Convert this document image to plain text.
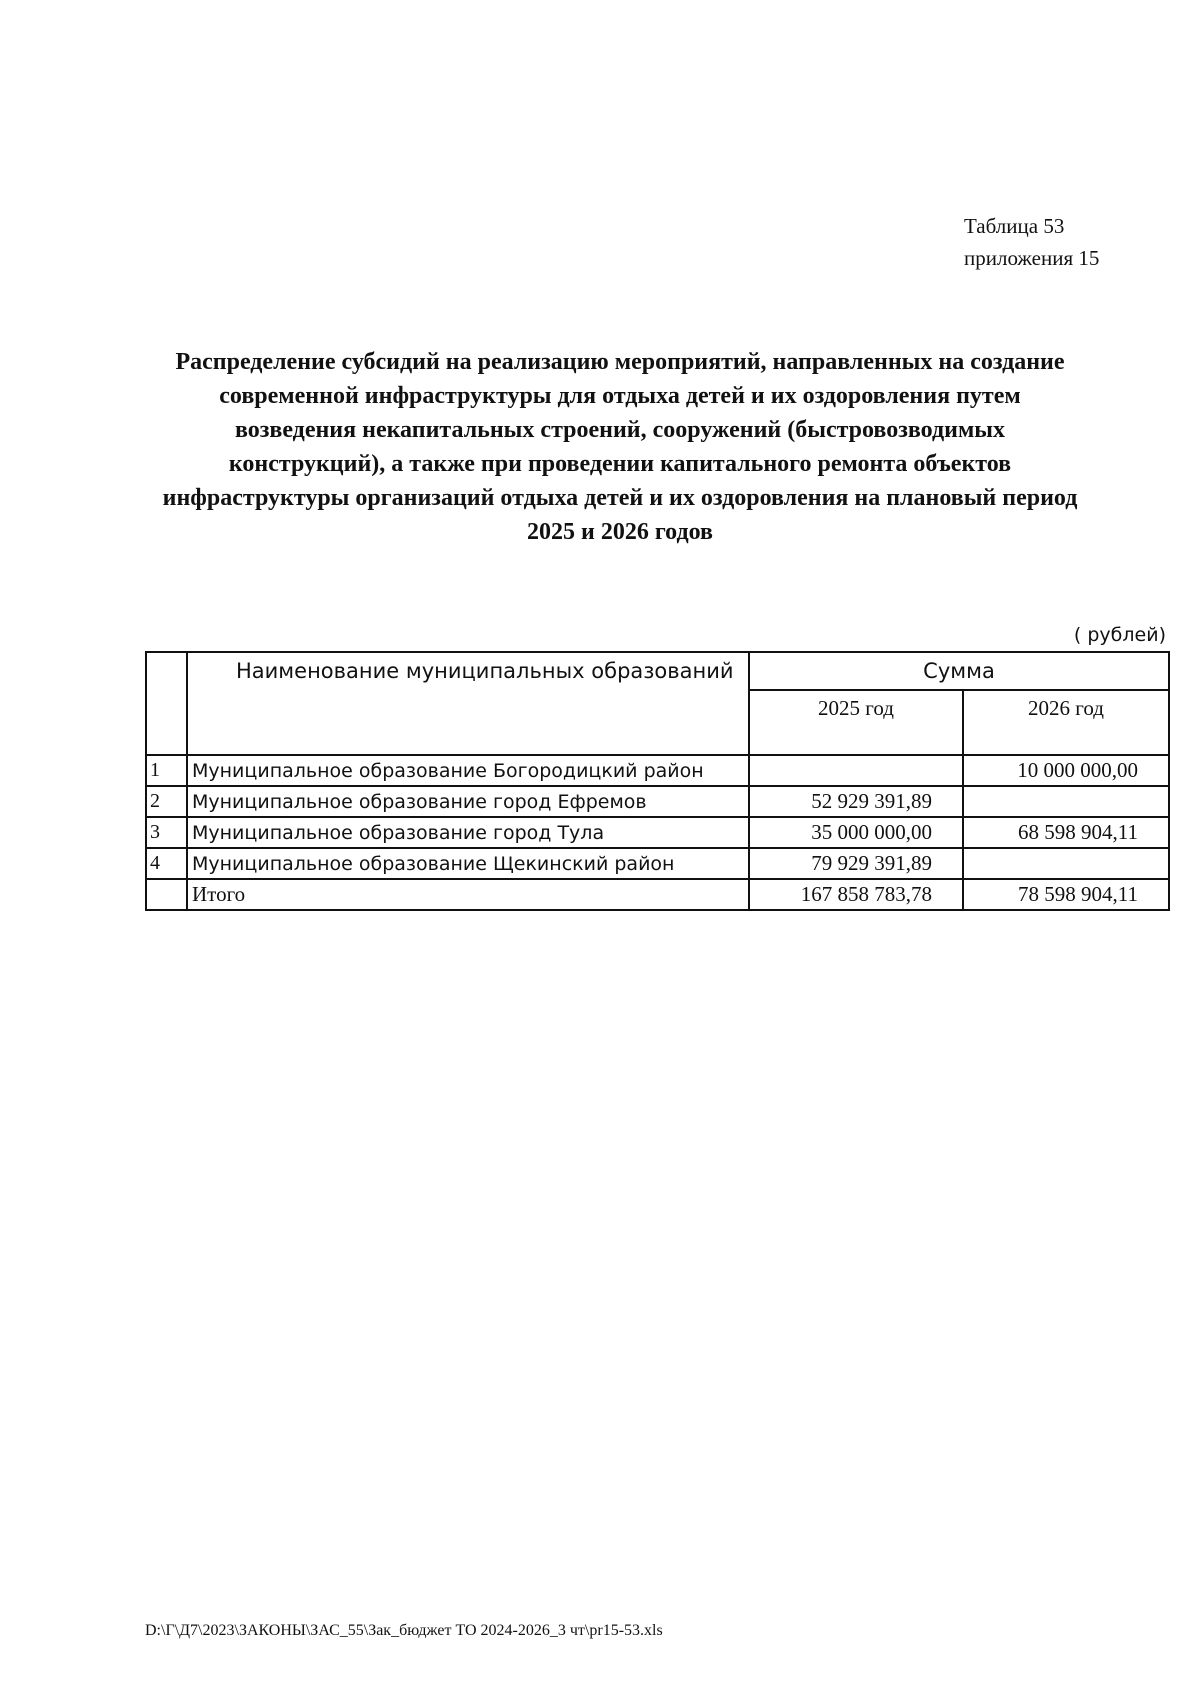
Таблица 53
приложения 15
Распределение субсидий на реализацию мероприятий, направленных на создание
современной инфраструктуры для отдыха детей и их оздоровления путем
возведения некапитальных строений, сооружений (быстровозводимых
конструкций), а также при проведении капитального ремонта объектов
инфраструктуры организаций отдыха детей и их оздоровления на плановый период
2025 и 2026 годов
( рублей)
	Наименование муниципальных образований	Сумма	
		2025 год	2026 год
1	Муниципальное образование Богородицкий район		10 000 000,00
2	Муниципальное образование город Ефремов	52 929 391,89	
3	Муниципальное образование город Тула	35 000 000,00	68 598 904,11
4	Муниципальное образование Щекинский район	79 929 391,89	
	Итого	167 858 783,78	78 598 904,11
D:\Г\Д7\2023\ЗАКОНЫ\ЗАС_55\Зак_бюджет ТО 2024-2026_3 чт\pr15-53.xls
